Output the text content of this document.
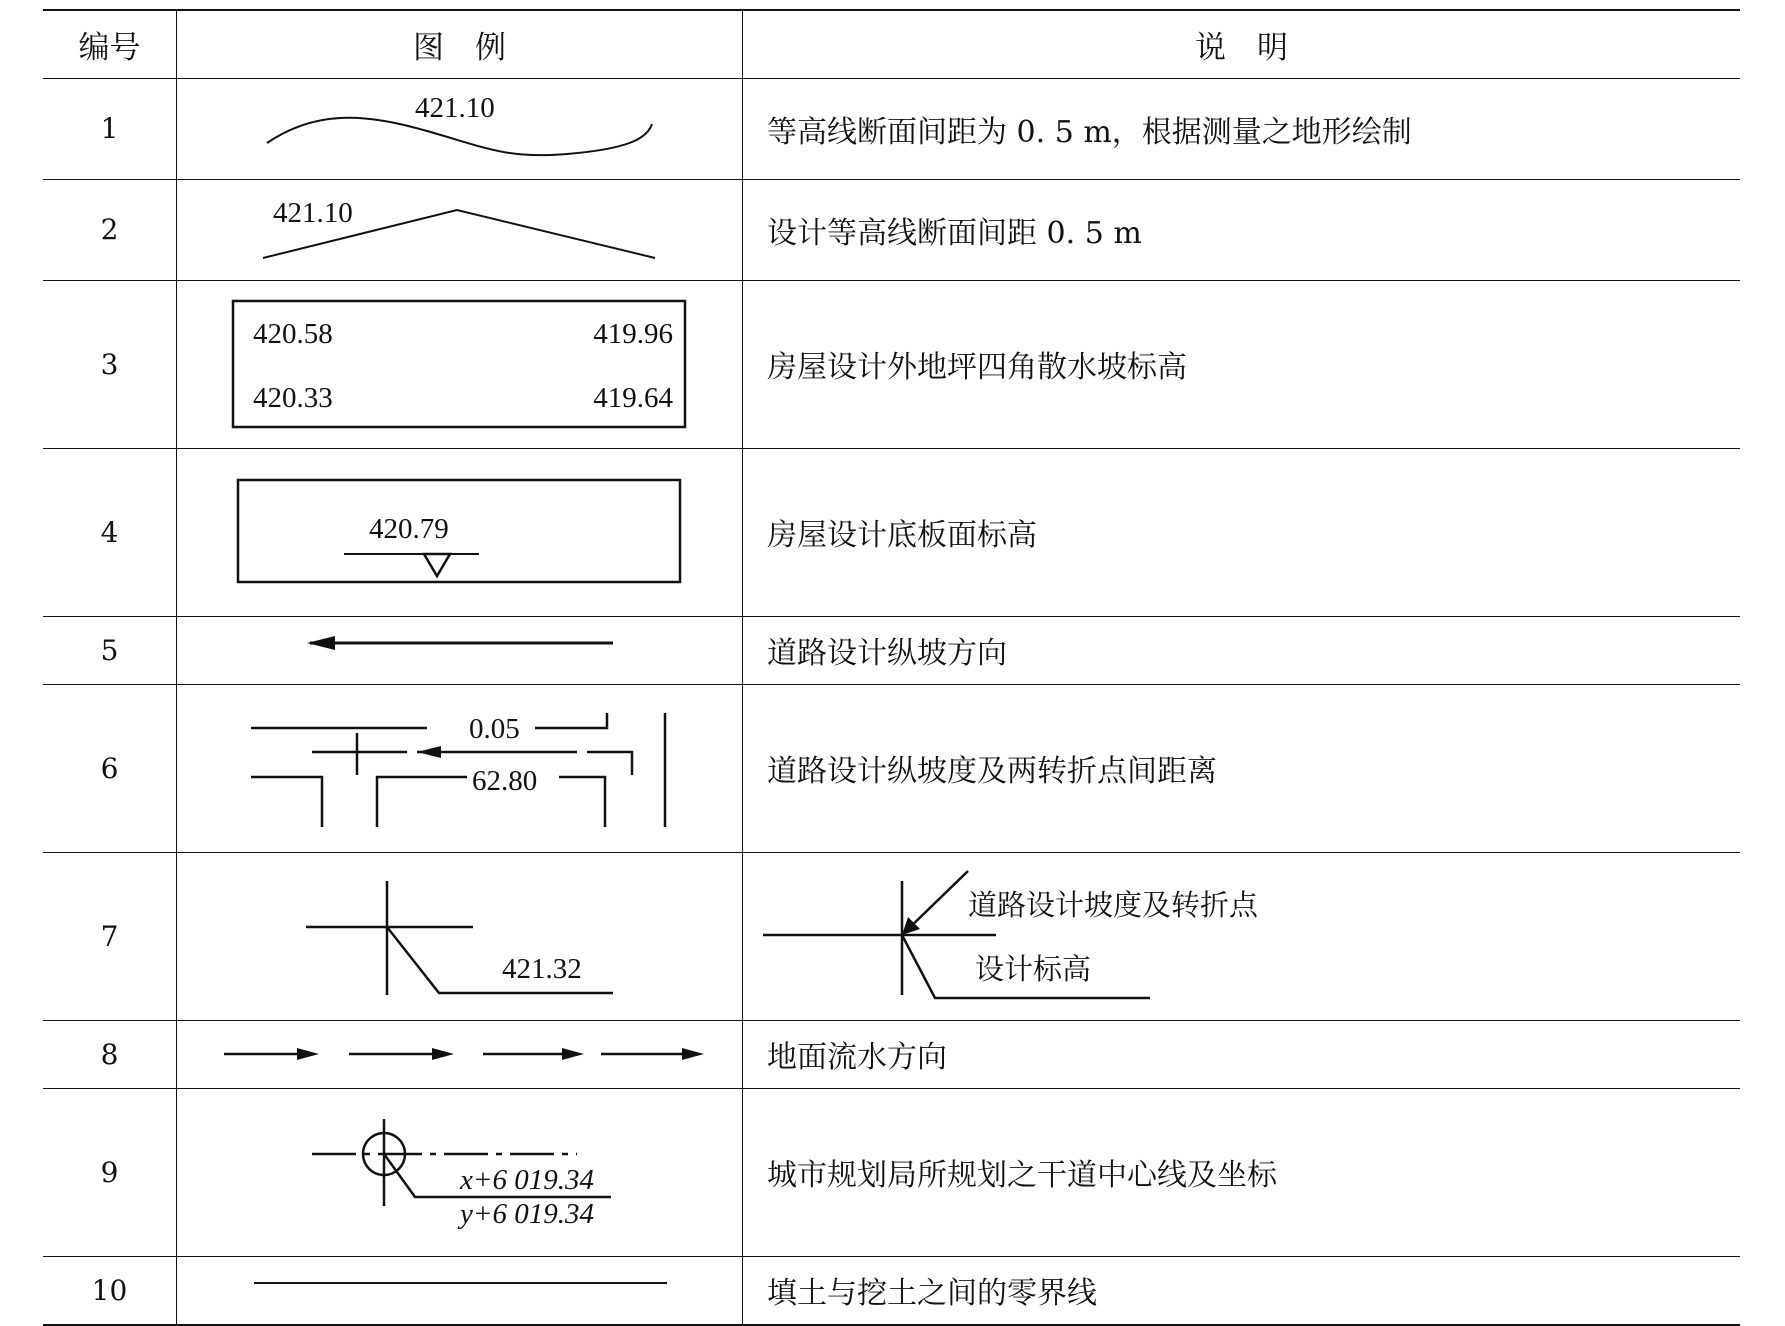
编号	图　例	说　明
1	421.10	等高线断面间距为 0. 5 m，根据测量之地形绘制

2	421.10	设计等高线断面间距 0. 5 m

3	420.58 419.96
420.33 419.64	房屋设计外地坪四角散水坡标高

4	420.79	房屋设计底板面标高

5		道路设计纵坡方向

6	0.05
62.80	道路设计纵坡度及两转折点间距离

7	421.32	道路设计坡度及转折点
设计标高

8		地面流水方向

9	x+6 019.34
y+6 019.34	城市规划局所规划之干道中心线及坐标

10		填土与挖土之间的零界线
